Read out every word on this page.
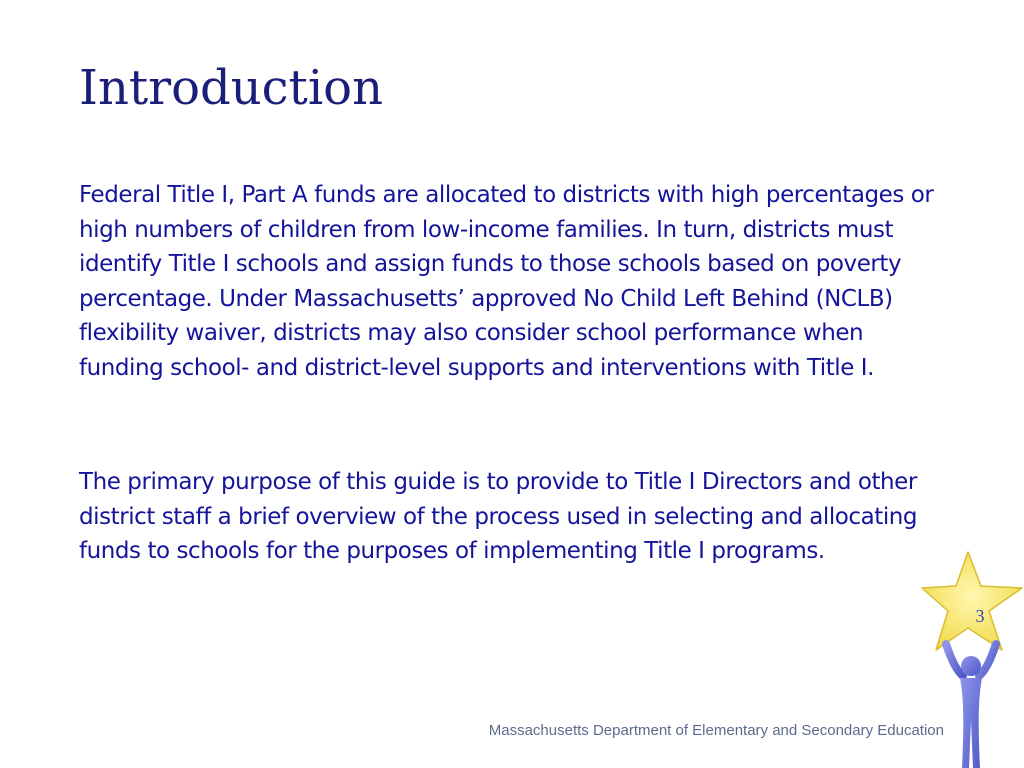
Introduction

Federal Title I, Part A funds are allocated to districts with high percentages or high numbers of children from low-income families. In turn, districts must identify Title I schools and assign funds to those schools based on poverty percentage. Under Massachusetts’ approved No Child Left Behind (NCLB) flexibility waiver, districts may also consider school performance when funding school- and district-level supports and interventions with Title I.

The primary purpose of this guide is to provide to Title I Directors and other district staff a brief overview of the process used in selecting and allocating funds to schools for the purposes of implementing Title I programs.

Massachusetts Department of Elementary and Secondary Education
3
